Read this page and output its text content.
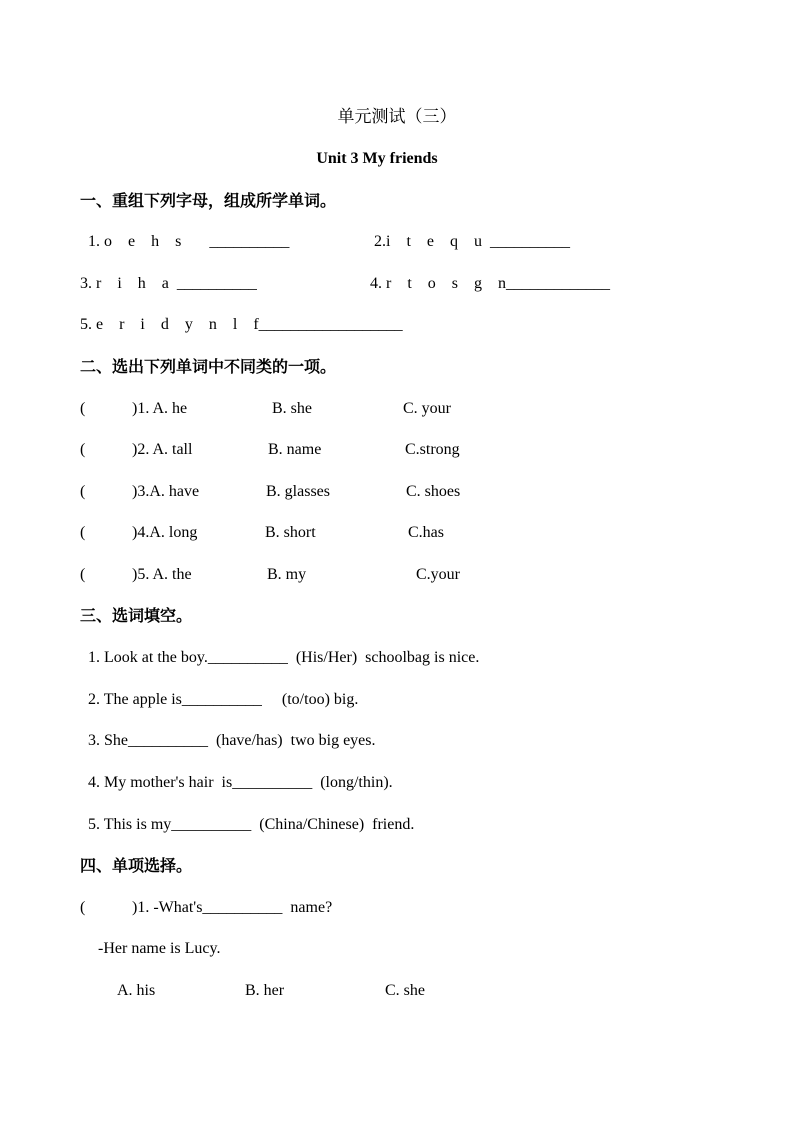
单元测试（三）
Unit 3 My friends
一、重组下列字母，组成所学单词。
1. o    e    h    s       __________	2.i    t    e    q    u  __________
3. r    i    h    a  __________	4. r    t    o    s    g    n_____________
5. e    r    i    d    y    n    l    f__________________
二、选出下列单词中不同类的一项。
(	)1. A. he	B. she	C. your
(	)2. A. tall	B. name	C.strong
(	)3.A. have	B. glasses	C. shoes
(	)4.A. long	B. short	C.has
(	)5. A. the	B. my	C.your
三、选词填空。
1. Look at the boy.__________  (His/Her)  schoolbag is nice.
2. The apple is__________     (to/too) big.
3. She__________  (have/has)  two big eyes.
4. My mother's hair  is__________  (long/thin).
5. This is my__________  (China/Chinese)  friend.
四、单项选择。
(	)1. -What's__________  name?
-Her name is Lucy.
A. his	B. her	C. she
